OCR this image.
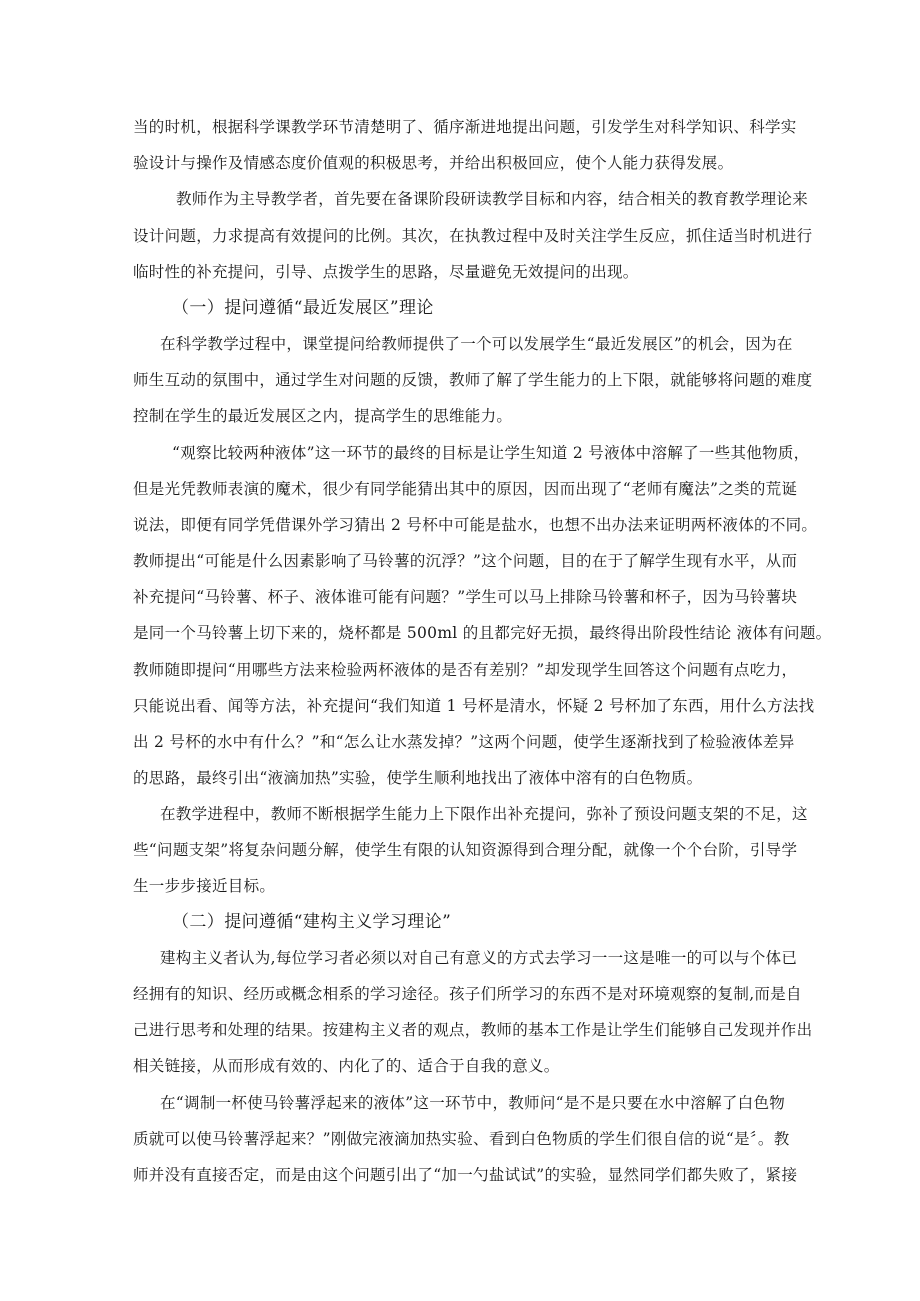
当的时机，根据科学课教学环节清楚明了、循序渐进地提出问题，引发学生对科学知识、科学实
验设计与操作及情感态度价值观的积极思考，并给出积极回应，使个人能力获得发展。
教师作为主导教学者，首先要在备课阶段研读教学目标和内容，结合相关的教育教学理论来
设计问题，力求提高有效提问的比例。其次，在执教过程中及时关注学生反应，抓住适当时机进行
临时性的补充提问，引导、点拨学生的思路，尽量避免无效提问的出现。
（一）提问遵循“最近发展区”理论
在科学教学过程中，课堂提问给教师提供了一个可以发展学生“最近发展区”的机会，因为在
师生互动的氛围中，通过学生对问题的反馈，教师了解了学生能力的上下限，就能够将问题的难度
控制在学生的最近发展区之内，提高学生的思维能力。
“观察比较两种液体”这一环节的最终的目标是让学生知道 2 号液体中溶解了一些其他物质，
但是光凭教师表演的魔术，很少有同学能猜出其中的原因，因而出现了“老师有魔法”之类的荒诞
说法，即便有同学凭借课外学习猜出 2 号杯中可能是盐水，也想不出办法来证明两杯液体的不同。
教师提出“可能是什么因素影响了马铃薯的沉浮？”这个问题，目的在于了解学生现有水平，从而
补充提问“马铃薯、杯子、液体谁可能有问题？”学生可以马上排除马铃薯和杯子，因为马铃薯块
是同一个马铃薯上切下来的，烧杯都是 500ml 的且都完好无损，最终得出阶段性结论 液体有问题。
教师随即提问“用哪些方法来检验两杯液体的是否有差别？”却发现学生回答这个问题有点吃力，
只能说出看、闻等方法，补充提问“我们知道 1 号杯是清水，怀疑 2 号杯加了东西，用什么方法找
出 2 号杯的水中有什么？”和“怎么让水蒸发掉？”这两个问题，使学生逐渐找到了检验液体差异
的思路，最终引出“液滴加热”实验，使学生顺利地找出了液体中溶有的白色物质。
在教学进程中，教师不断根据学生能力上下限作出补充提问，弥补了预设问题支架的不足，这
些“问题支架”将复杂问题分解，使学生有限的认知资源得到合理分配，就像一个个台阶，引导学
生一步步接近目标。
（二）提问遵循“建构主义学习理论”
建构主义者认为,每位学习者必须以对自己有意义的方式去学习一一这是唯一的可以与个体已
经拥有的知识、经历或概念相系的学习途径。孩子们所学习的东西不是对环境观察的复制,而是自
己进行思考和处理的结果。按建构主义者的观点，教师的基本工作是让学生们能够自己发现并作出
相关链接，从而形成有效的、内化了的、适合于自我的意义。
在“调制一杯使马铃薯浮起来的液体”这一环节中，教师问“是不是只要在水中溶解了白色物
质就可以使马铃薯浮起来？”刚做完液滴加热实验、看到白色物质的学生们很自信的说“是〞。教
师并没有直接否定，而是由这个问题引出了“加一勺盐试试”的实验，显然同学们都失败了，紧接
